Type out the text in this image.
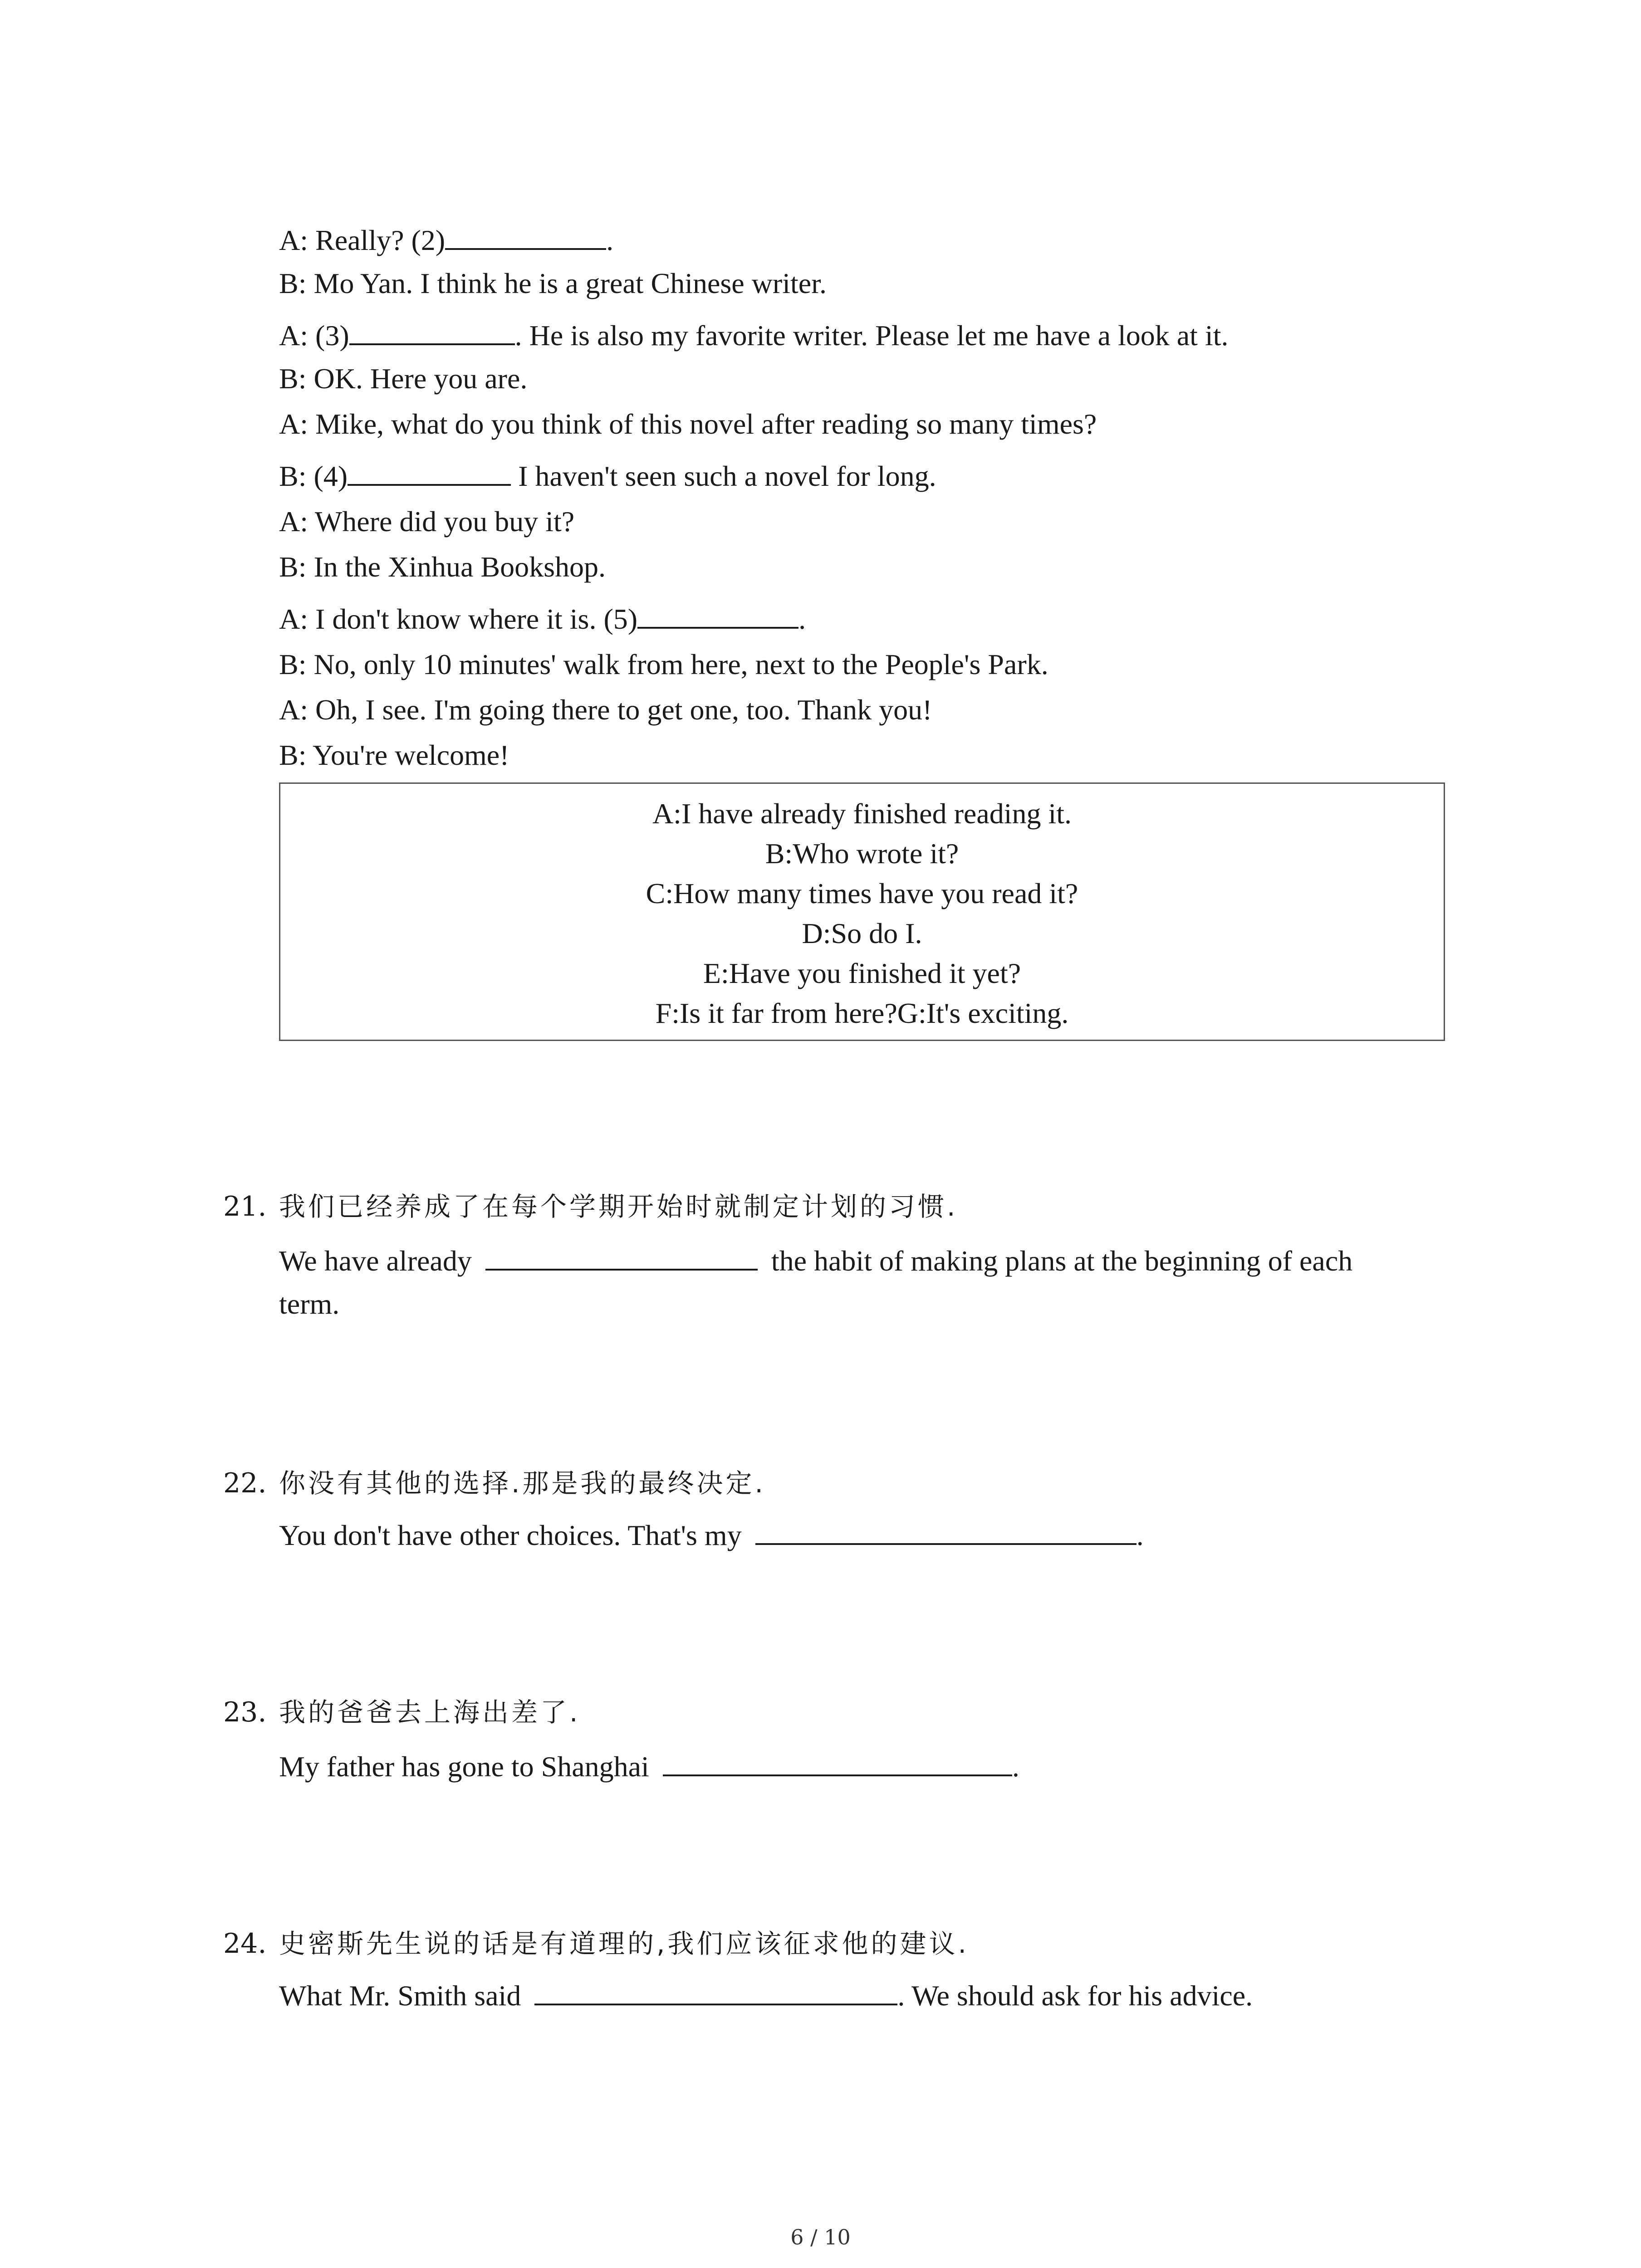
A: Really? (2)	.
B: Mo Yan. I think he is a great Chinese writer.
A: (3)	. He is also my favorite writer. Please let me have a look at it.
B: OK. Here you are.
A: Mike, what do you think of this novel after reading so many times?
B: (4)	I haven't seen such a novel for long.
A: Where did you buy it?
B: In the Xinhua Bookshop.
A: I don't know where it is. (5)	.
B: No, only 10 minutes' walk from here, next to the People's Park.
A: Oh, I see. I'm going there to get one, too. Thank you!
B: You're welcome!
A:I have already finished reading it.
B:Who wrote it?
C:How many times have you read it?
D:So do I.
E:Have you finished it yet?
F:Is it far from here?G:It's exciting.
21. 我们已经养成了在每个学期开始时就制定计划的习惯.
We have already	the habit of making plans at the beginning of each
term.
22. 你没有其他的选择.那是我的最终决定.
You don't have other choices. That's my	.
23. 我的爸爸去上海出差了.
My father has gone to Shanghai	.
24. 史密斯先生说的话是有道理的,我们应该征求他的建议.
What Mr. Smith said	. We should ask for his advice.
6 / 10
